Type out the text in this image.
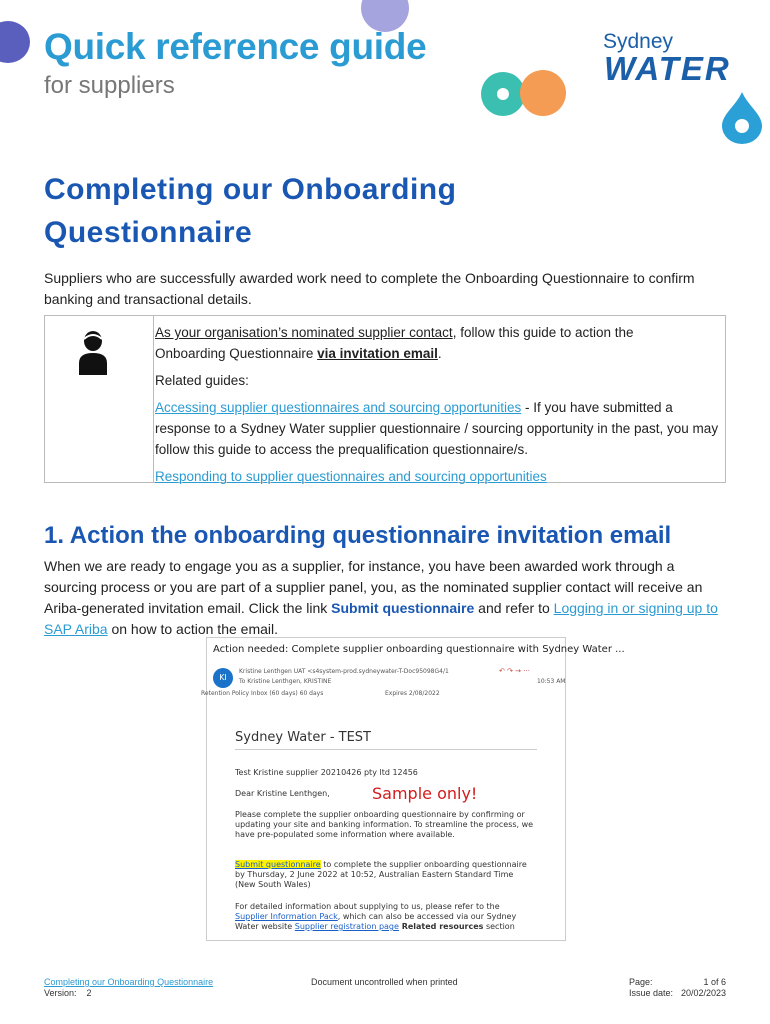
Quick reference guide
for suppliers
Sydney
WATER
Completing our Onboarding
Questionnaire
Suppliers who are successfully awarded work need to complete the Onboarding Questionnaire to confirm banking and transactional details.

As your organisation’s nominated supplier contact, follow this guide to action the
Onboarding Questionnaire via invitation email.

Related guides:

Accessing supplier questionnaires and sourcing opportunities - If you have submitted a response to a Sydney Water supplier questionnaire / sourcing opportunity in the past, you may follow this guide to access the prequalification questionnaire/s.

Responding to supplier questionnaires and sourcing opportunities

1. Action the onboarding questionnaire invitation email
When we are ready to engage you as a supplier, for instance, you have been awarded work through a sourcing process or you are part of a supplier panel, you, as the nominated supplier contact will receive an Ariba-generated invitation email. Click the link Submit questionnaire and refer to Logging in or signing up to SAP Ariba on how to action the email.
Action needed: Complete supplier onboarding questionnaire with Sydney Water ...
KI
Kristine Lenthgen UAT <s4system-prod.sydneywater-T-Doc95098G4/1
To Kristine Lenthgen, KRISTINE
↶ ↷ → ···
10:53 AM
Retention Policy Inbox (60 days) 60 days	Expires 2/08/2022
Sydney Water - TEST
Test Kristine supplier 20210426 pty ltd 12456
Dear Kristine Lenthgen,	Sample only!
Please complete the supplier onboarding questionnaire by confirming or updating your site and banking information. To streamline the process, we have pre-populated some information where available.
Submit questionnaire to complete the supplier onboarding questionnaire by Thursday, 2 June 2022 at 10:52, Australian Eastern Standard Time (New South Wales)
For detailed information about supplying to us, please refer to the Supplier Information Pack, which can also be accessed via our Sydney Water website Supplier registration page Related resources section
Completing our Onboarding Questionnaire
Version: 2
Document uncontrolled when printed	Page:	1 of 6
Issue date: 20/02/2023
